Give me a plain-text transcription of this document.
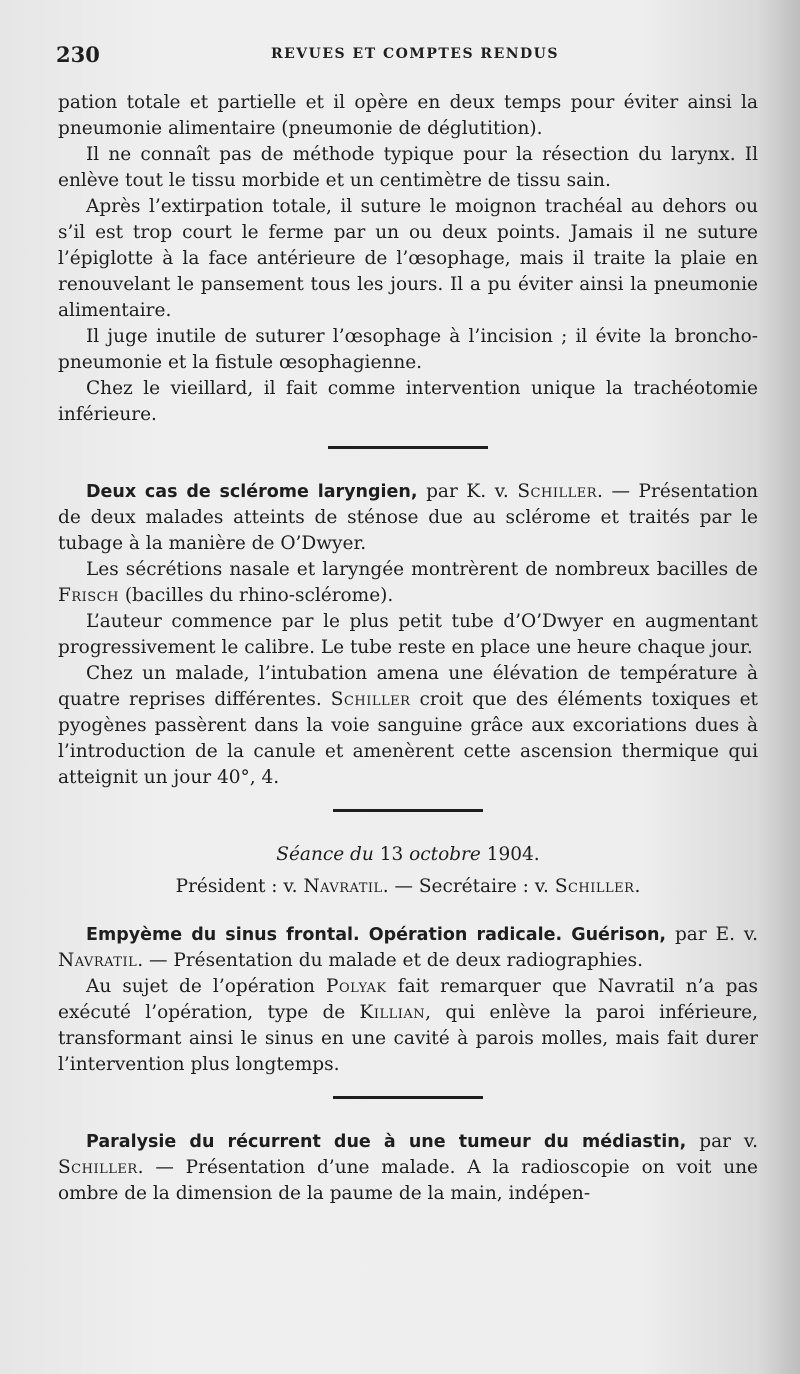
230	REVUES ET COMPTES RENDUS

pation totale et partielle et il opère en deux temps pour éviter ainsi la pneumonie alimentaire (pneumonie de déglutition).

Il ne connaît pas de méthode typique pour la résection du larynx. Il enlève tout le tissu morbide et un centimètre de tissu sain.

Après l’extirpation totale, il suture le moignon trachéal au dehors ou s’il est trop court le ferme par un ou deux points. Jamais il ne suture l’épiglotte à la face antérieure de l’œsophage, mais il traite la plaie en renouvelant le pansement tous les jours. Il a pu éviter ainsi la pneumonie alimentaire.

Il juge inutile de suturer l’œsophage à l’incision ; il évite la broncho-pneumonie et la fistule œsophagienne.

Chez le vieillard, il fait comme intervention unique la trachéotomie inférieure.

Deux cas de sclérome laryngien, par K. v. Schiller. — Présentation de deux malades atteints de sténose due au sclérome et traités par le tubage à la manière de O’Dwyer.

Les sécrétions nasale et laryngée montrèrent de nombreux bacilles de Frisch (bacilles du rhino-sclérome).

L’auteur commence par le plus petit tube d’O’Dwyer en augmentant progressivement le calibre. Le tube reste en place une heure chaque jour.

Chez un malade, l’intubation amena une élévation de température à quatre reprises différentes. Schiller croit que des éléments toxiques et pyogènes passèrent dans la voie sanguine grâce aux excoriations dues à l’introduction de la canule et amenèrent cette ascension thermique qui atteignit un jour 40°, 4.

Séance du 13 octobre 1904.

Président : v. Navratil. — Secrétaire : v. Schiller.

Empyème du sinus frontal. Opération radicale. Guérison, par E. v. Navratil. — Présentation du malade et de deux radiographies.

Au sujet de l’opération Polyak fait remarquer que Navratil n’a pas exécuté l’opération, type de Killian, qui enlève la paroi inférieure, transformant ainsi le sinus en une cavité à parois molles, mais fait durer l’intervention plus longtemps.

Paralysie du récurrent due à une tumeur du médiastin, par v. Schiller. — Présentation d’une malade. A la radioscopie on voit une ombre de la dimension de la paume de la main, indépen-
